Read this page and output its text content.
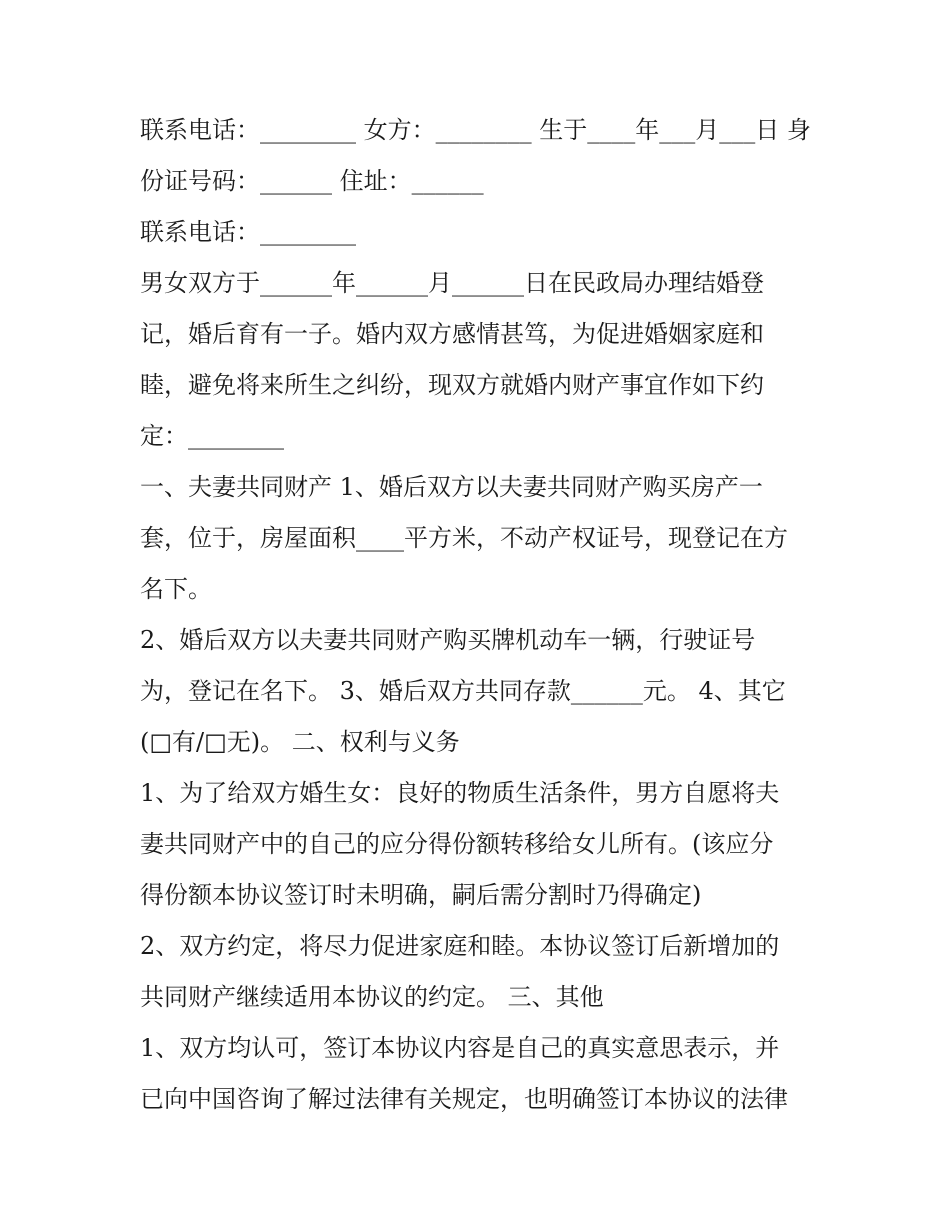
联系电话：________ 女方：________ 生于____年___月___日 身
份证号码：______ 住址：______
联系电话：________
男女双方于______年______月______日在民政局办理结婚登
记，婚后育有一子。婚内双方感情甚笃，为促进婚姻家庭和
睦，避免将来所生之纠纷，现双方就婚内财产事宜作如下约
定：________
一、夫妻共同财产 1、婚后双方以夫妻共同财产购买房产一
套，位于，房屋面积____平方米，不动产权证号，现登记在方
名下。
2、婚后双方以夫妻共同财产购买牌机动车一辆，行驶证号
为，登记在名下。 3、婚后双方共同存款______元。 4、其它
(□有/□无)。 二、权利与义务
1、为了给双方婚生女：良好的物质生活条件，男方自愿将夫
妻共同财产中的自己的应分得份额转移给女儿所有。(该应分
得份额本协议签订时未明确，嗣后需分割时乃得确定)
2、双方约定，将尽力促进家庭和睦。本协议签订后新增加的
共同财产继续适用本协议的约定。 三、其他
1、双方均认可，签订本协议内容是自己的真实意思表示，并
已向中国咨询了解过法律有关规定，也明确签订本协议的法律
